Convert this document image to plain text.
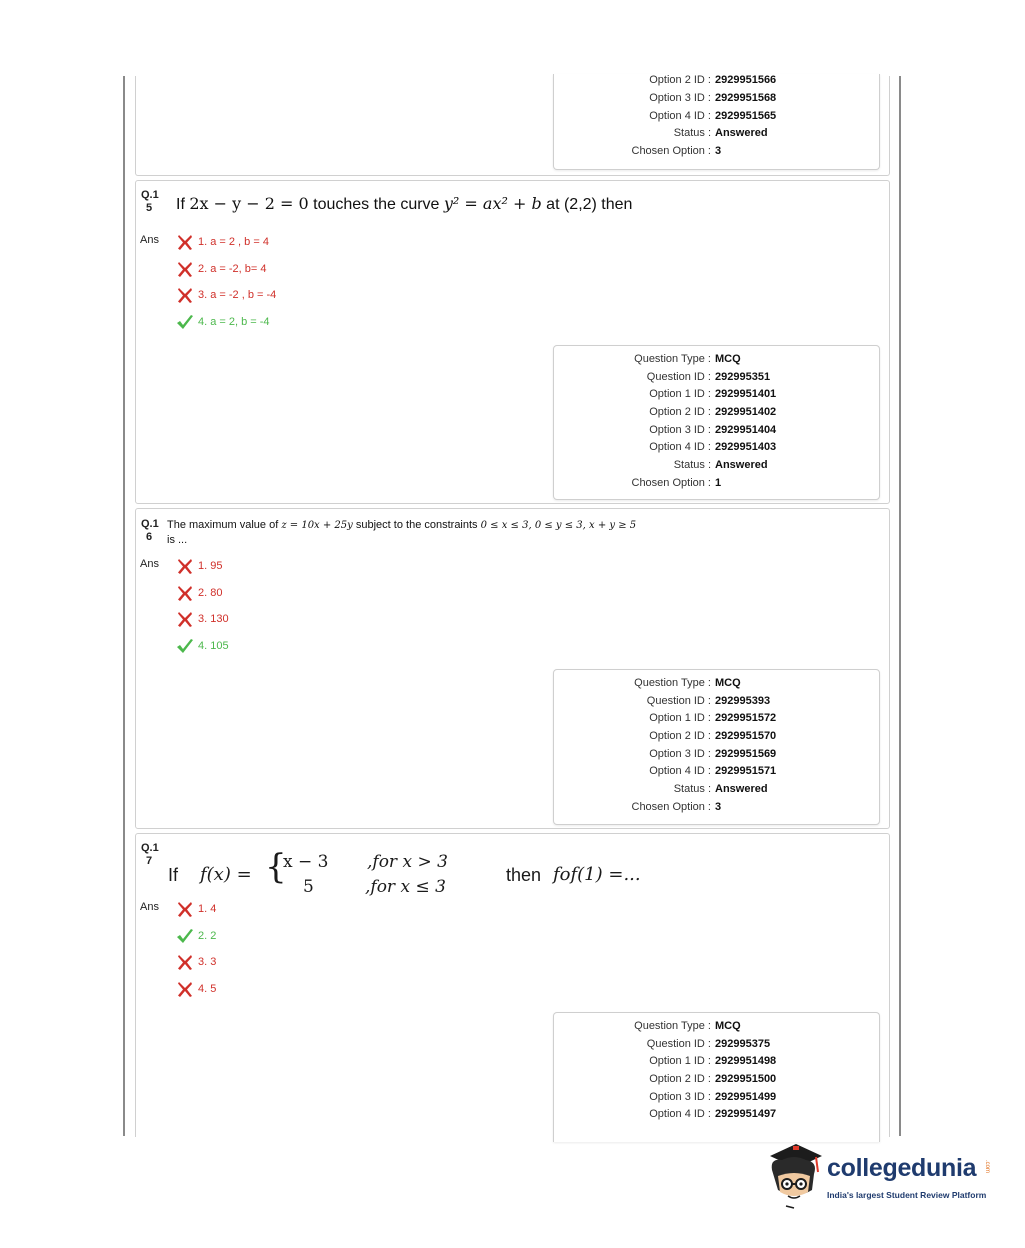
Option 2 ID : 2929951566
Option 3 ID : 2929951568
Option 4 ID : 2929951565
Status : Answered
Chosen Option : 3
Q.1
5	If 2x − y − 2 = 0 touches the curve y² = ax² + b at (2,2) then
Ans	1. a = 2 , b = 4
2. a = -2, b= 4
3. a = -2 , b = -4
4. a = 2, b = -4
Question Type : MCQ
Question ID : 292995351
Option 1 ID : 2929951401
Option 2 ID : 2929951402
Option 3 ID : 2929951404
Option 4 ID : 2929951403
Status : Answered
Chosen Option : 1
Q.1
6
The maximum value of z = 10x + 25y subject to the constraints 0 ≤ x ≤ 3, 0 ≤ y ≤ 3, x + y ≥ 5
is ...
Ans	1. 95
2. 80
3. 130
4. 105
Question Type : MCQ
Question ID : 292995393
Option 1 ID : 2929951572
Option 2 ID : 2929951570
Option 3 ID : 2929951569
Option 4 ID : 2929951571
Status : Answered
Chosen Option : 3
Q.1
7
If f(x) = {
x − 3
5
,for x > 3
,for x ≤ 3
then fof(1) =...
Ans	1. 4
2. 2
3. 3
4. 5
Question Type : MCQ
Question ID : 292995375
Option 1 ID : 2929951498
Option 2 ID : 2929951500
Option 3 ID : 2929951499
Option 4 ID : 2929951497
collegedunia .com
India's largest Student Review Platform
